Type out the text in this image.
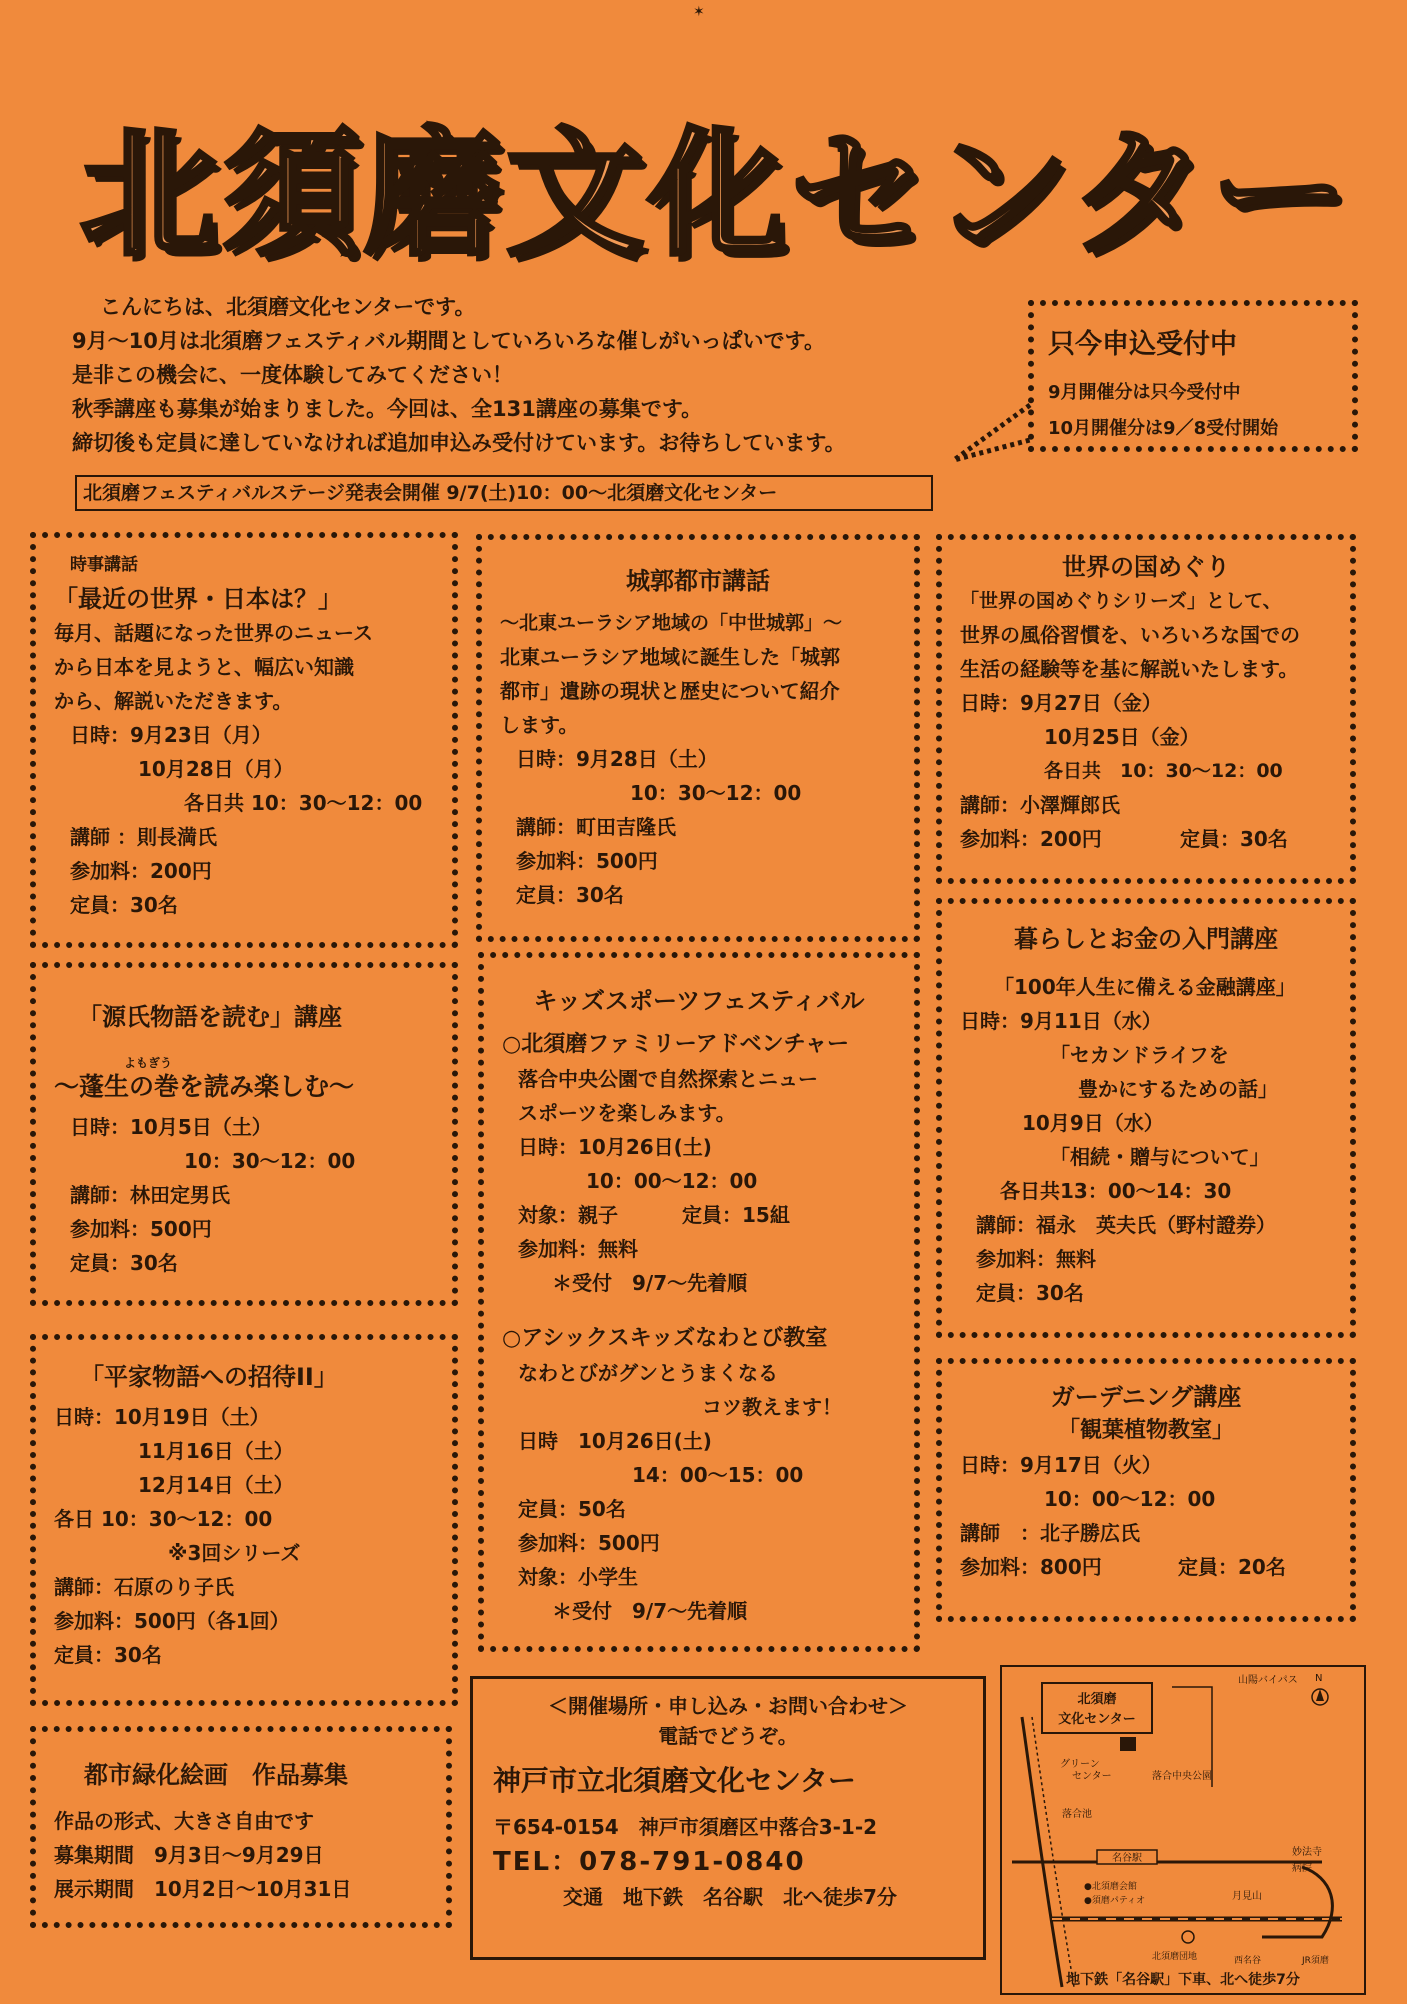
✶
北須磨文化センター
こんにちは、北須磨文化センターです。
9月〜10月は北須磨フェスティバル期間としていろいろな催しがいっぱいです。
是非この機会に、一度体験してみてください！
秋季講座も募集が始まりました。今回は、全131講座の募集です。
締切後も定員に達していなければ追加申込み受付けています。お待ちしています。
只今申込受付中
9月開催分は只今受付中
10月開催分は9／8受付開始
北須磨フェスティバルステージ発表会開催 9/7(土)10：00〜北須磨文化センター
時事講話
「最近の世界・日本は？」
毎月、話題になった世界のニュース
から日本を見ようと、幅広い知識
から、解説いただきます。
日時：9月23日（月）
10月28日（月）
各日共 10：30〜12：00
講師 ：則長満氏
参加料：200円
定員：30名
城郭都市講話
〜北東ユーラシア地域の「中世城郭」〜
北東ユーラシア地域に誕生した「城郭
都市」遺跡の現状と歴史について紹介
します。
日時：9月28日（土）
10：30〜12：00
講師：町田吉隆氏
参加料：500円
定員：30名
世界の国めぐり
「世界の国めぐりシリーズ」として、
世界の風俗習慣を、いろいろな国での
生活の経験等を基に解説いたします。
日時：9月27日（金）
10月25日（金）
各日共　10：30〜12：00
講師：小澤輝郎氏
参加料：200円	定員：30名
「源氏物語を読む」講座
よもぎう
〜蓬生の巻を読み楽しむ〜
日時：10月5日（土）
10：30〜12：00
講師：林田定男氏
参加料：500円
定員：30名
キッズスポーツフェスティバル
○北須磨ファミリーアドベンチャー
落合中央公園で自然探索とニュー
スポーツを楽しみます。
日時：10月26日(土)
10：00〜12：00
対象：親子	定員：15組
参加料：無料
＊受付　9/7〜先着順
○アシックスキッズなわとび教室
なわとびがグンとうまくなる
コツ教えます！
日時　10月26日(土)
14：00〜15：00
定員：50名
参加料：500円
対象：小学生
＊受付　9/7〜先着順
暮らしとお金の入門講座
「100年人生に備える金融講座」
日時：9月11日（水）
「セカンドライフを
豊かにするための話」
10月9日（水）
「相続・贈与について」
各日共13：00〜14：30
講師：福永　英夫氏（野村證券）
参加料：無料
定員：30名
「平家物語への招待II」
日時：10月19日（土）
11月16日（土）
12月14日（土）
各日 10：30〜12：00
※3回シリーズ
講師：石原のり子氏
参加料：500円（各1回）
定員：30名
ガーデニング講座
「観葉植物教室」
日時：9月17日（火）
10：00〜12：00
講師　：北子勝広氏
参加料：800円	定員：20名
都市緑化絵画　作品募集
作品の形式、大きさ自由です
募集期間　9月3日〜9月29日
展示期間　10月2日〜10月31日
＜開催場所・申し込み・お問い合わせ＞
電話でどうぞ。
神戸市立北須磨文化センター
〒654-0154　神戸市須磨区中落合3-1-2
TEL：078-791-0840
交通　地下鉄　名谷駅　北へ徒歩7分
北須磨
文化センター
山陽バイパス N
グリーン
センター	落合中央公園
落合池
名谷駅
妙法寺
病院
●北須磨会館
●須磨パティオ	月見山
北須磨団地	西名谷	JR須磨
地下鉄「名谷駅」下車、北へ徒歩7分
